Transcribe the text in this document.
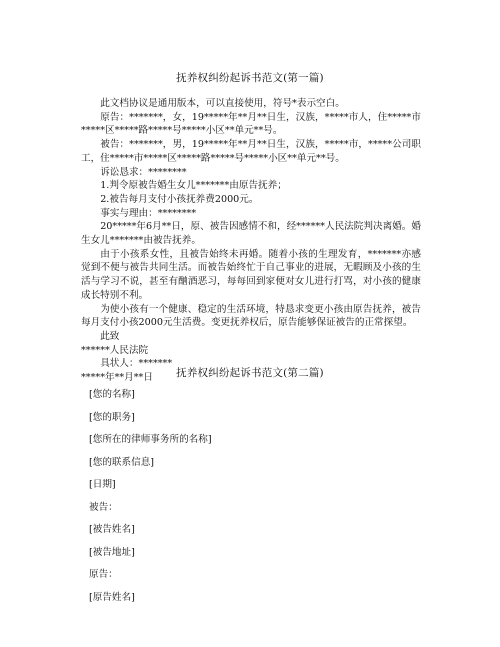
抚养权纠纷起诉书范文(第一篇)

此文档协议是通用版本，可以直接使用，符号*表示空白。

原告：*******，女，19*****年**月**日生，汉族，*****市人，住*****市*****区*****路*****号*****小区**单元**号。

被告：*******，男，19*****年**月**日生，汉族，*****市，*****公司职工，住*****市*****区*****路*****号*****小区**单元**号。

诉讼恳求：********

1.判令原被告婚生女儿*******由原告抚养；

2.被告每月支付小孩抚养费2000元。

事实与理由：********

20*****年6月**日，原、被告因感情不和，经******人民法院判决离婚。婚生女儿*******由被告抚养。

由于小孩系女性，且被告始终未再婚。随着小孩的生理发育，*******亦感觉到不便与被告共同生活。而被告始终忙于自己事业的进展，无暇顾及小孩的生活与学习不说，甚至有酗酒恶习，每每回到家便对女儿进行打骂，对小孩的健康成长特别不利。

为使小孩有一个健康、稳定的生活环境，特恳求变更小孩由原告抚养，被告每月支付小孩2000元生活费。变更抚养权后，原告能够保证被告的正常探望。

此致

******人民法院

具状人：*******

*****年**月**日	抚养权纠纷起诉书范文(第二篇)

[您的名称]

[您的职务]

[您所在的律师事务所的名称]

[您的联系信息]

[日期]

被告：

[被告姓名]

[被告地址]

原告：

[原告姓名]
